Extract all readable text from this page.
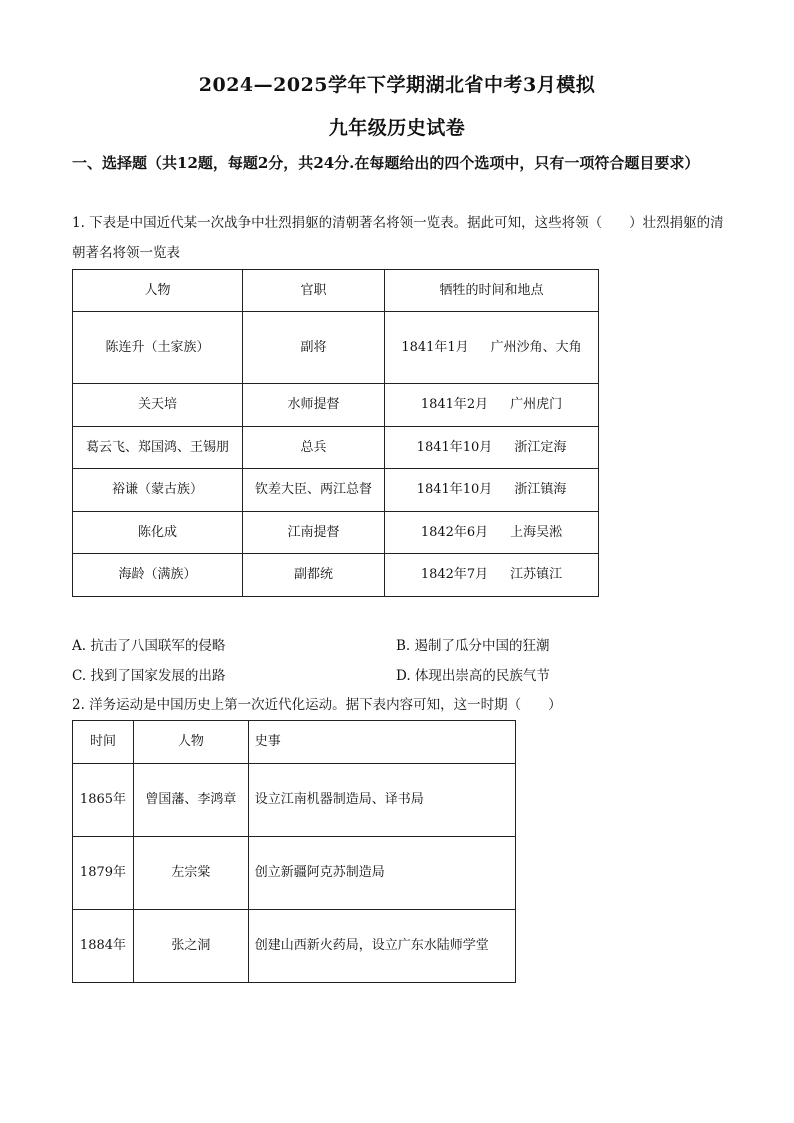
2024—2025学年下学期湖北省中考3月模拟
九年级历史试卷
一、选择题（共12题，每题2分，共24分.在每题给出的四个选项中，只有一项符合题目要求）
1. 下表是中国近代某一次战争中壮烈捐躯的清朝著名将领一览表。据此可知，这些将领（　　）壮烈捐躯的清朝著名将领一览表
人物	官职	牺牲的时间和地点
陈连升（土家族）	副将	1841年1月 广州沙角、大角
关天培	水师提督	1841年2月 广州虎门
葛云飞、郑国鸿、王锡朋	总兵	1841年10月 浙江定海
裕谦（蒙古族）	钦差大臣、两江总督	1841年10月 浙江镇海
陈化成	江南提督	1842年6月 上海吴淞
海龄（满族）	副都统	1842年7月 江苏镇江
A. 抗击了八国联军的侵略	B. 遏制了瓜分中国的狂潮
C. 找到了国家发展的出路	D. 体现出崇高的民族气节
2. 洋务运动是中国历史上第一次近代化运动。据下表内容可知，这一时期（　　）
时间	人物	史事
1865年	曾国藩、李鸿章	设立江南机器制造局、译书局
1879年	左宗棠	创立新疆阿克苏制造局
1884年	张之洞	创建山西新火药局，设立广东水陆师学堂
